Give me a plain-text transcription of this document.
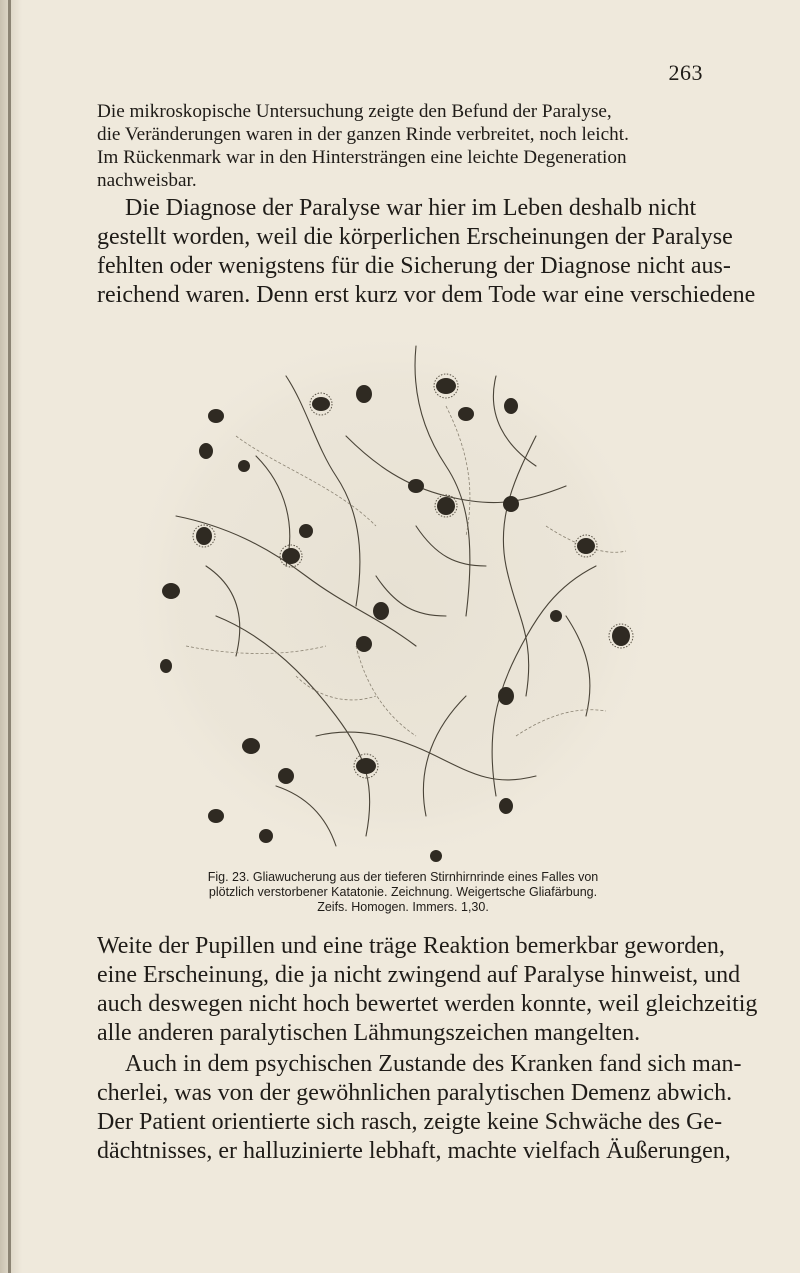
263
Die mikroskopische Untersuchung zeigte den Befund der Paralyse,
die Veränderungen waren in der ganzen Rinde verbreitet, noch leicht.
Im Rückenmark war in den Hintersträngen eine leichte Degeneration
nachweisbar.
Die Diagnose der Paralyse war hier im Leben deshalb nicht
gestellt worden, weil die körperlichen Erscheinungen der Paralyse
fehlten oder wenigstens für die Sicherung der Diagnose nicht aus-
reichend waren. Denn erst kurz vor dem Tode war eine verschiedene
Fig. 23. Gliawucherung aus der tieferen Stirnhirnrinde eines Falles von
plötzlich verstorbener Katatonie. Zeichnung. Weigertsche Gliafärbung.
Zeifs. Homogen. Immers. 1,30.
Weite der Pupillen und eine träge Reaktion bemerkbar geworden,
eine Erscheinung, die ja nicht zwingend auf Paralyse hinweist, und
auch deswegen nicht hoch bewertet werden konnte, weil gleichzeitig
alle anderen paralytischen Lähmungszeichen mangelten.
Auch in dem psychischen Zustande des Kranken fand sich man-
cherlei, was von der gewöhnlichen paralytischen Demenz abwich.
Der Patient orientierte sich rasch, zeigte keine Schwäche des Ge-
dächtnisses, er halluzinierte lebhaft, machte vielfach Äußerungen,
